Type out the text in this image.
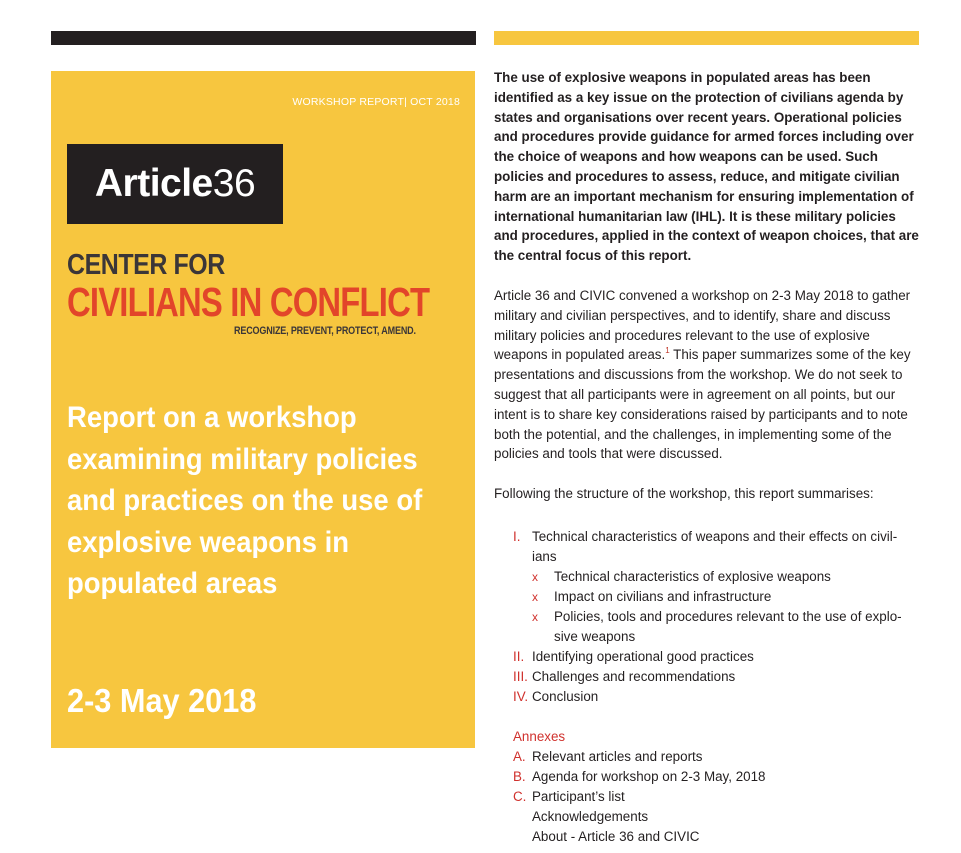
WORKSHOP REPORT| OCT 2018
Article36
CENTER FOR
CIVILIANS IN CONFLICT
RECOGNIZE, PREVENT, PROTECT, AMEND.
Report on a workshop examining military policies and practices on the use of explosive weapons in populated areas
2-3 May 2018

The use of explosive weapons in populated areas has been identified as a key issue on the protection of civilians agenda by states and organisations over recent years. Operational policies and procedures provide guidance for armed forces including over the choice of weapons and how weapons can be used. Such policies and procedures to assess, reduce, and mitigate civilian harm are an important mechanism for ensuring implementation of international humanitarian law (IHL). It is these military policies and procedures, applied in the context of weapon choices, that are the central focus of this report.

Article 36 and CIVIC convened a workshop on 2-3 May 2018 to gather military and civilian perspectives, and to identify, share and discuss military policies and procedures relevant to the use of explosive weapons in populated areas.$^1$ This paper summarizes some of the key presentations and discussions from the workshop. We do not seek to suggest that all participants were in agreement on all points, but our intent is to share key considerations raised by participants and to note both the potential, and the challenges, in implementing some of the policies and tools that were discussed.

Following the structure of the workshop, this report summarises:

I. Technical characteristics of weapons and their effects on civil-
ians
x Technical characteristics of explosive weapons
x Impact on civilians and infrastructure
x Policies, tools and procedures relevant to the use of explo-
sive weapons
II. Identifying operational good practices
III. Challenges and recommendations
IV. Conclusion
Annexes
A. Relevant articles and reports
B. Agenda for workshop on 2-3 May, 2018
C. Participant’s list
Acknowledgements
About - Article 36 and CIVIC
